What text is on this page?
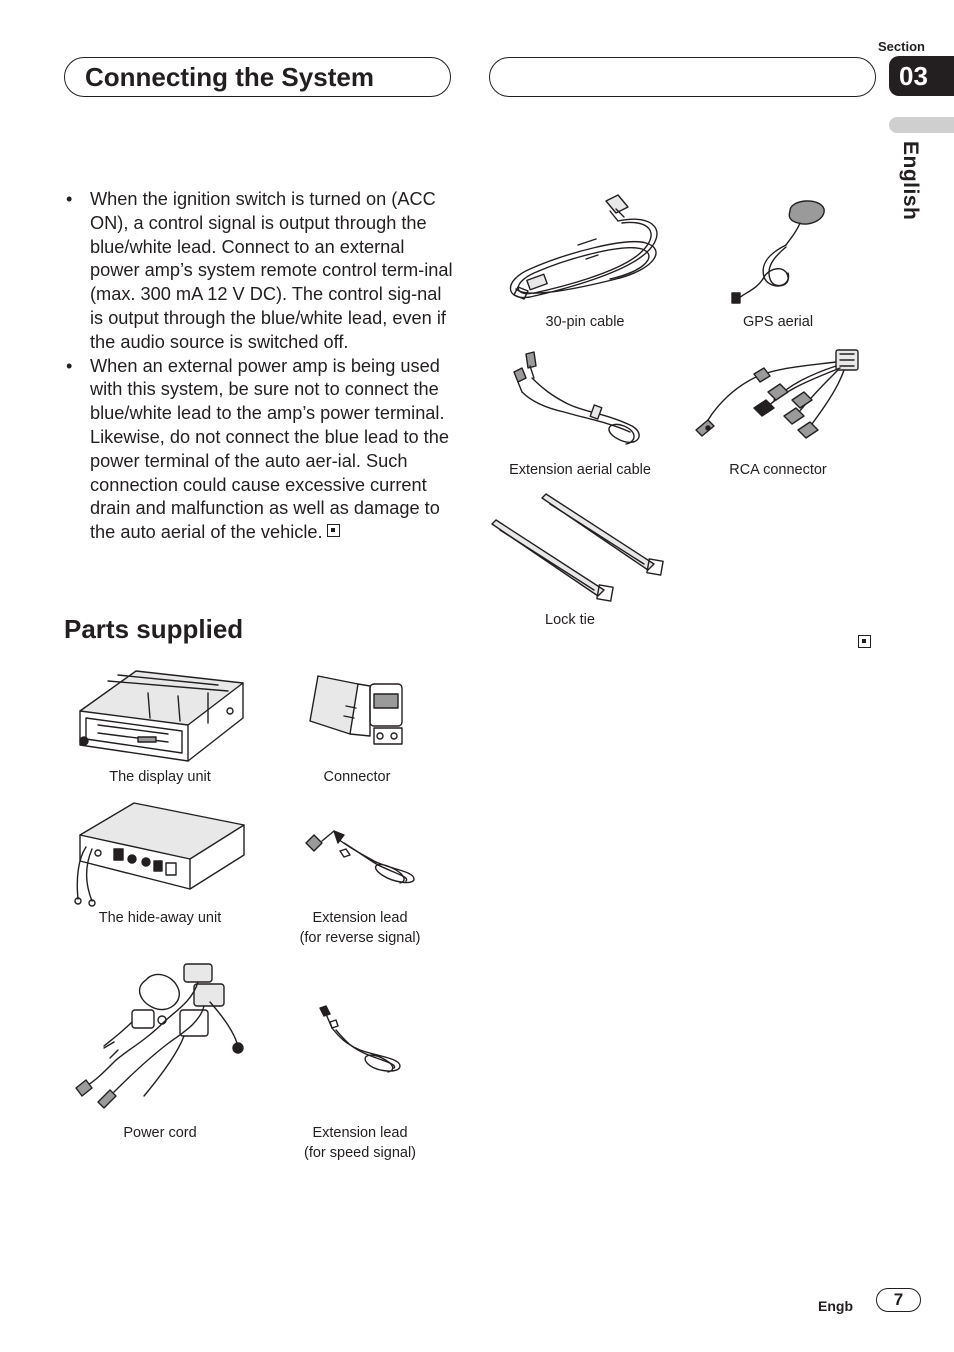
Connecting the System
Section
03
English
• When the ignition switch is turned on (ACC ON), a control signal is output through the blue/white lead. Connect to an external power amp’s system remote control term-inal (max. 300 mA 12 V DC). The control sig-nal is output through the blue/white lead, even if the audio source is switched off.
• When an external power amp is being used with this system, be sure not to connect the blue/white lead to the amp’s power terminal. Likewise, do not connect the blue lead to the power terminal of the auto aer-ial. Such connection could cause excessive current drain and malfunction as well as damage to the auto aerial of the vehicle.
Parts supplied
The display unit	Connector
The hide-away unit	Extension lead
(for reverse signal)
Power cord	Extension lead
(for speed signal)
30-pin cable	GPS aerial
Extension aerial cable	RCA connector
Lock tie
Engb	7
